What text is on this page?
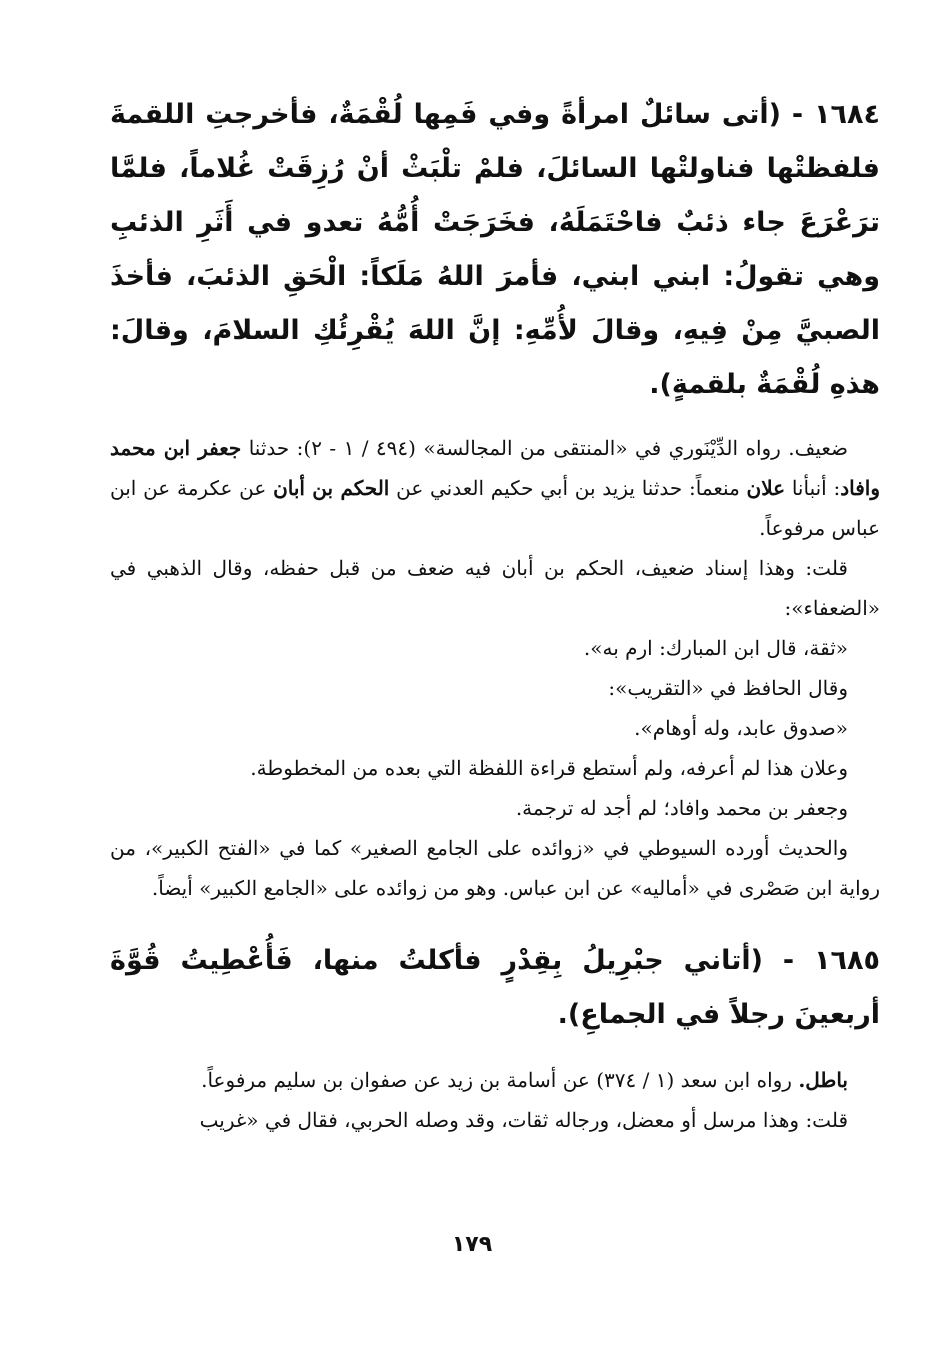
١٦٨٤ - (أتى سائلٌ امرأةً وفي فَمِها لُقْمَةٌ، فأخرجتِ اللقمةَ فلفظتْها فناولتْها السائلَ، فلمْ تلْبَثْ أنْ رُزِقَتْ غُلاماً، فلمَّا ترَعْرَعَ جاء ذئبٌ فاحْتَمَلَهُ، فخَرَجَتْ أُمُّهُ تعدو في أَثَرِ الذئبِ وهي تقولُ: ابني ابني، فأمرَ اللهُ مَلَكاً: الْحَقِ الذئبَ، فأخذَ الصبيَّ مِنْ فِيهِ، وقالَ لأُمِّهِ: إنَّ اللهَ يُقْرِئُكِ السلامَ، وقالَ: هذهِ لُقْمَةٌ بلقمةٍ).

ضعيف. رواه الدِّيْنَوري في «المنتقى من المجالسة» (٤٩٤ / ١ - ٢): حدثنا جعفر ابن محمد وافاد: أنبأنا علان منعماً: حدثنا يزيد بن أبي حكيم العدني عن الحكم بن أبان عن عكرمة عن ابن عباس مرفوعاً.

قلت: وهذا إسناد ضعيف، الحكم بن أبان فيه ضعف من قبل حفظه، وقال الذهبي في «الضعفاء»:

«ثقة، قال ابن المبارك: ارم به».

وقال الحافظ في «التقريب»:

«صدوق عابد، وله أوهام».

وعلان هذا لم أعرفه، ولم أستطع قراءة اللفظة التي بعده من المخطوطة.

وجعفر بن محمد وافاد؛ لم أجد له ترجمة.

والحديث أورده السيوطي في «زوائده على الجامع الصغير» كما في «الفتح الكبير»، من رواية ابن صَصْرى في «أماليه» عن ابن عباس. وهو من زوائده على «الجامع الكبير» أيضاً.

١٦٨٥ - (أتاني جبْرِيلُ بِقِدْرٍ فأكلتُ منها، فَأُعْطِيتُ قُوَّةَ أربعينَ رجلاً في الجماعِ).

باطل. رواه ابن سعد (١ / ٣٧٤) عن أسامة بن زيد عن صفوان بن سليم مرفوعاً.

قلت: وهذا مرسل أو معضل، ورجاله ثقات، وقد وصله الحربي، فقال في «غريب

١٧٩
